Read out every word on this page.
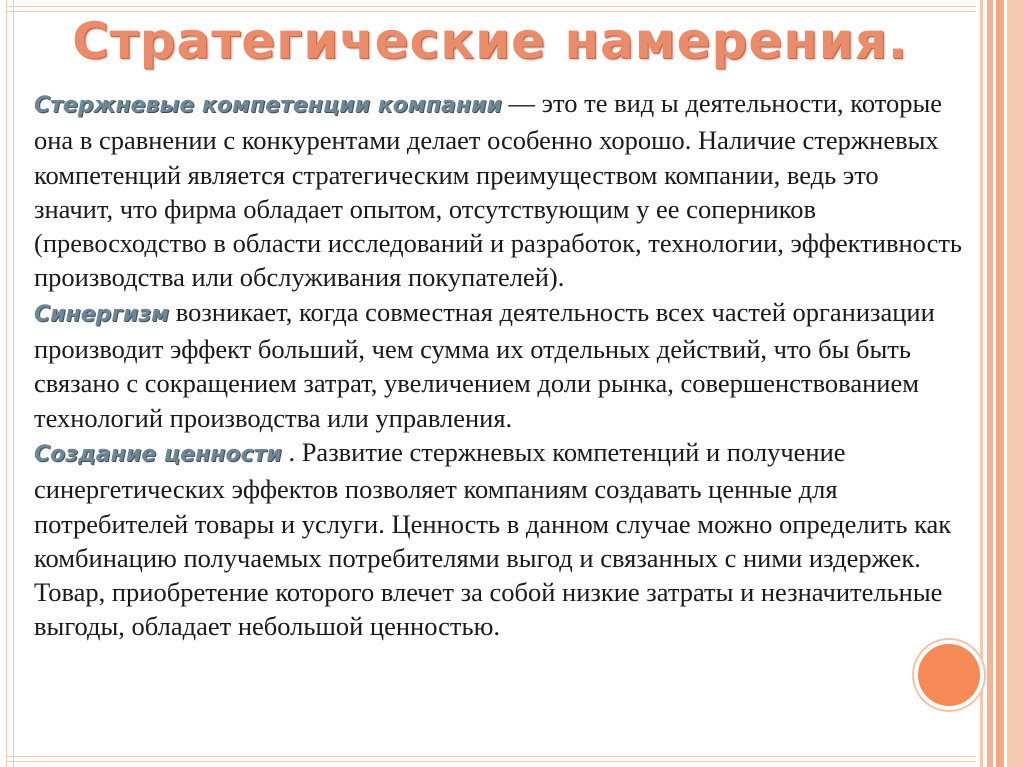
Стратегические намерения.
Стержневые компетенции компании — это те вид ы деятельности, которые она в сравнении с конкурентами делает особенно хорошо. Наличие стержневых компетенций является стратегическим преимуществом компании, ведь это значит, что фирма обладает опытом, отсутствующим у ее соперников (превосходство в области исследований и разработок, технологии, эффективность производства или обслуживания покупателей).
Синергизм возникает, когда совместная деятельность всех частей организации производит эффект больший, чем сумма их отдельных действий, что бы быть связано с сокращением затрат, увеличением доли рынка, совершенствованием технологий производства или управления.
Создание ценности . Развитие стержневых компетенций и получение синергетических эффектов позволяет компаниям создавать ценные для потребителей товары и услуги. Ценность в данном случае можно определить как комбинацию получаемых потребителями выгод и связанных с ними издержек. Товар, приобретение которого влечет за собой низкие затраты и незначительные выгоды, обладает небольшой ценностью.
